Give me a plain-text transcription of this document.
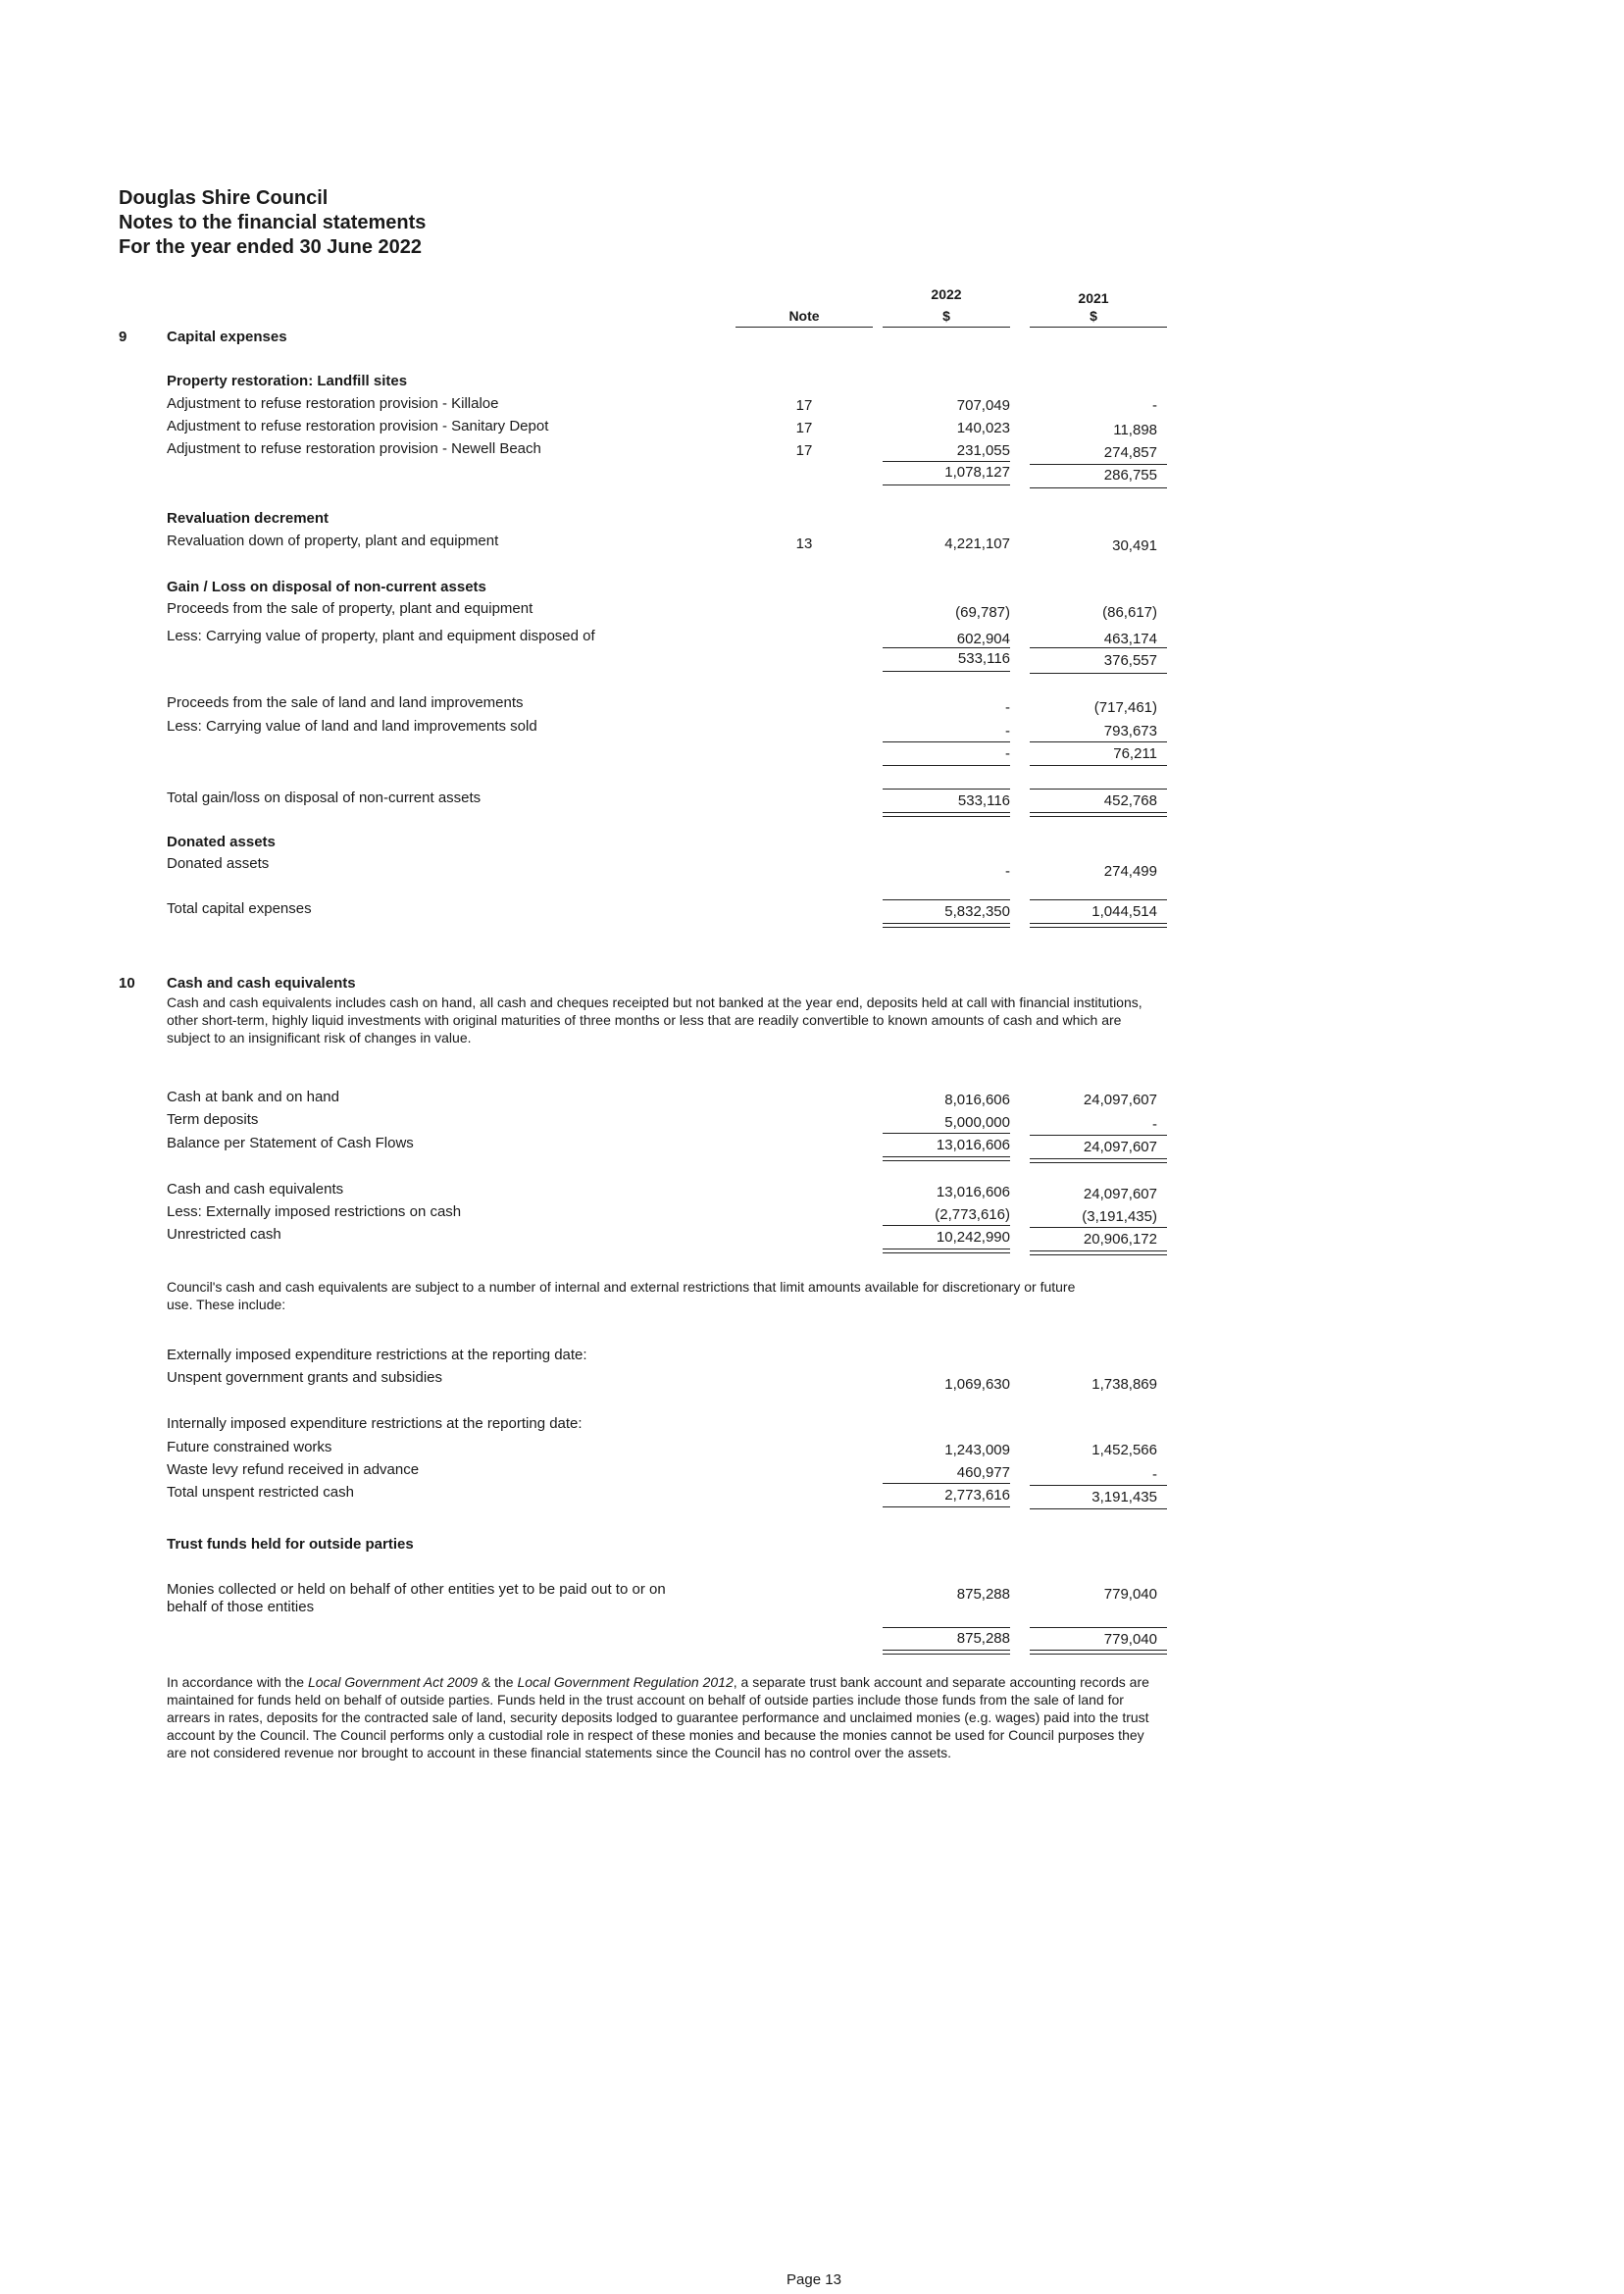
Douglas Shire Council
Notes to the financial statements
For the year ended 30 June 2022
2022	2021
Note	$	$
9	Capital expenses
Property restoration: Landfill sites
Adjustment to refuse restoration provision - Killaloe	17	707,049	-
Adjustment to refuse restoration provision - Sanitary Depot	17	140,023	11,898
Adjustment to refuse restoration provision - Newell Beach	17	231,055	274,857
1,078,127	286,755
Revaluation decrement
Revaluation down of property, plant and equipment	13	4,221,107	30,491
Gain / Loss on disposal of non-current assets
Proceeds from the sale of property, plant and equipment	(69,787)	(86,617)
Less: Carrying value of property, plant and equipment disposed of	602,904	463,174
533,116	376,557
Proceeds from the sale of land and land improvements	-	(717,461)
Less: Carrying value of land and land improvements sold	-	793,673
-	76,211
Total gain/loss on disposal of non-current assets	533,116	452,768
Donated assets
Donated assets	-	274,499
Total capital expenses	5,832,350	1,044,514
10 Cash and cash equivalents
Cash and cash equivalents includes cash on hand, all cash and cheques receipted but not banked at the year end, deposits held at call with financial institutions, other short-term, highly liquid investments with original maturities of three months or less that are readily convertible to known amounts of cash and which are subject to an insignificant risk of changes in value.
Cash at bank and on hand	8,016,606	24,097,607
Term deposits	5,000,000	-
Balance per Statement of Cash Flows	13,016,606	24,097,607
Cash and cash equivalents	13,016,606	24,097,607
Less: Externally imposed restrictions on cash	(2,773,616)	(3,191,435)
Unrestricted cash	10,242,990	20,906,172
Council's cash and cash equivalents are subject to a number of internal and external restrictions that limit amounts available for discretionary or future use. These include:
Externally imposed expenditure restrictions at the reporting date:
Unspent government grants and subsidies	1,069,630	1,738,869
Internally imposed expenditure restrictions at the reporting date:
Future constrained works	1,243,009	1,452,566
Waste levy refund received in advance	460,977	-
Total unspent restricted cash	2,773,616	3,191,435
Trust funds held for outside parties
Monies collected or held on behalf of other entities yet to be paid out to or on
behalf of those entities
875,288	779,040
875,288	779,040
In accordance with the Local Government Act 2009 & the Local Government Regulation 2012, a separate trust bank account and separate accounting records are maintained for funds held on behalf of outside parties. Funds held in the trust account on behalf of outside parties include those funds from the sale of land for arrears in rates, deposits for the contracted sale of land, security deposits lodged to guarantee performance and unclaimed monies (e.g. wages) paid into the trust account by the Council. The Council performs only a custodial role in respect of these monies and because the monies cannot be used for Council purposes they are not considered revenue nor brought to account in these financial statements since the Council has no control over the assets.
Page 13
